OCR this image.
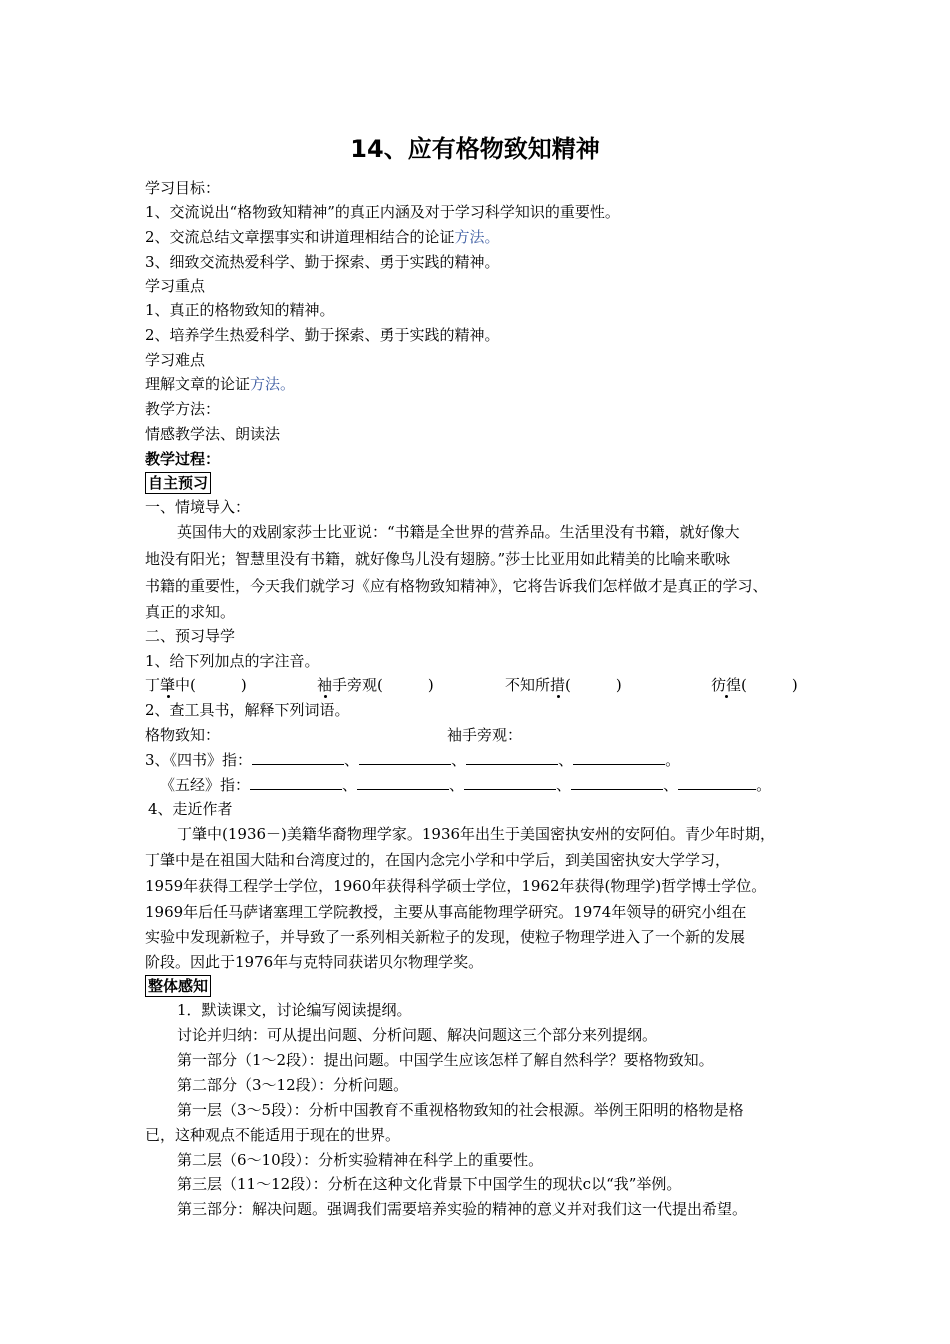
14、应有格物致知精神
学习目标：
1、交流说出“格物致知精神”的真正内涵及对于学习科学知识的重要性。
2、交流总结文章摆事实和讲道理相结合的论证方法。
3、细致交流热爱科学、勤于探索、勇于实践的精神。
学习重点
1、真正的格物致知的精神。
2、培养学生热爱科学、勤于探索、勇于实践的精神。
学习难点
理解文章的论证方法。
教学方法：
情感教学法、朗读法
教学过程：
自主预习
一、情境导入：
英国伟大的戏剧家莎士比亚说：“书籍是全世界的营养品。生活里没有书籍，就好像大
地没有阳光；智慧里没有书籍，就好像鸟儿没有翅膀。”莎士比亚用如此精美的比喻来歌咏
书籍的重要性，今天我们就学习《应有格物致知精神》，它将告诉我们怎样做才是真正的学习、
真正的求知。
二、预习导学
1、给下列加点的字注音。
丁肇中(　　　)	袖手旁观(　　　)	不知所措(　　　)	彷徨(　　　)
2、查工具书，解释下列词语。
格物致知：	袖手旁观：
3、《四书》指：	、	、	、	。
《五经》指：	、	、	、	、	。
4、走近作者
丁肇中(1936－)美籍华裔物理学家。1936年出生于美国密执安州的安阿伯。青少年时期，
丁肇中是在祖国大陆和台湾度过的，在国内念完小学和中学后，到美国密执安大学学习，
1959年获得工程学士学位，1960年获得科学硕士学位，1962年获得(物理学)哲学博士学位。
1969年后任马萨诸塞理工学院教授，主要从事高能物理学研究。1974年领导的研究小组在
实验中发现新粒子，并导致了一系列相关新粒子的发现，使粒子物理学进入了一个新的发展
阶段。因此于1976年与克特同获诺贝尔物理学奖。
整体感知
1．默读课文，讨论编写阅读提纲。
讨论并归纳：可从提出问题、分析问题、解决问题这三个部分来列提纲。
第一部分（1～2段）：提出问题。中国学生应该怎样了解自然科学？要格物致知。
第二部分（3～12段）：分析问题。
第一层（3～5段）：分析中国教育不重视格物致知的社会根源。举例王阳明的格物是格
已，这种观点不能适用于现在的世界。
第二层（6～10段）：分析实验精神在科学上的重要性。
第三层（11～12段）：分析在这种文化背景下中国学生的现状c以“我”举例。
第三部分：解决问题。强调我们需要培养实验的精神的意义并对我们这一代提出希望。
